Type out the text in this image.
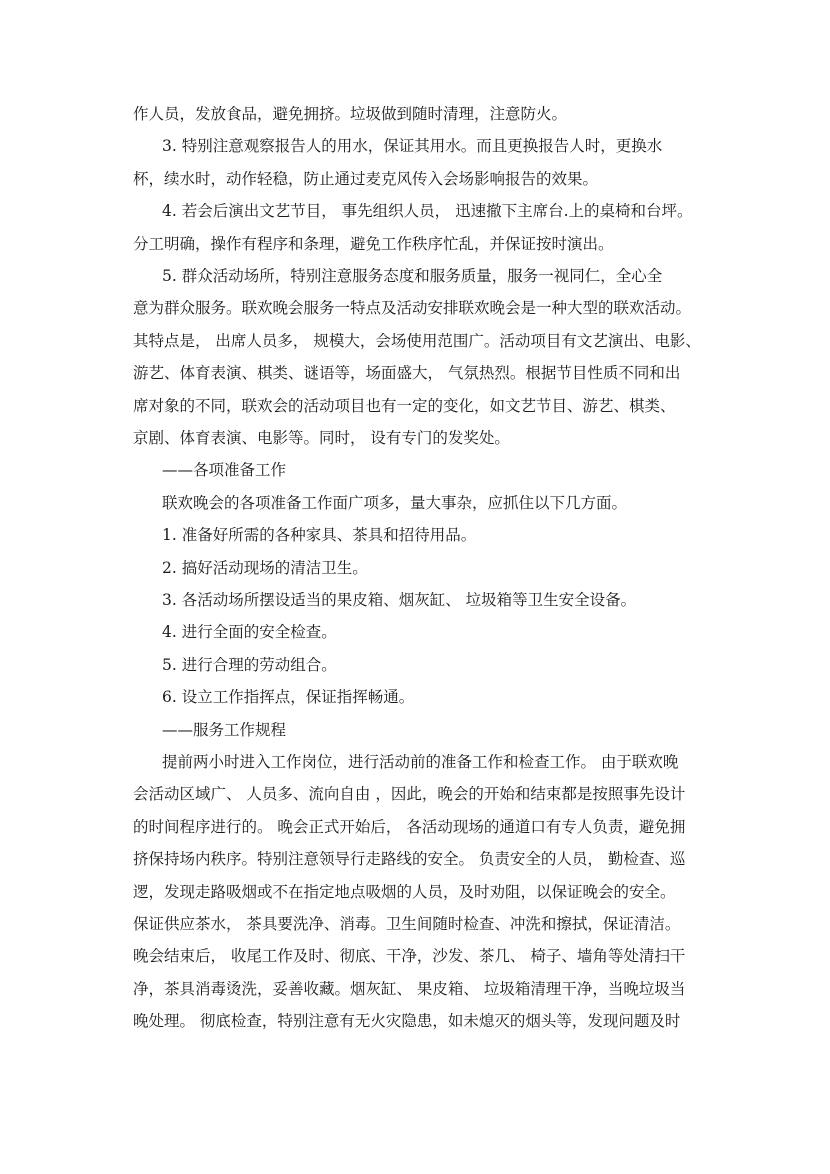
作人员，发放食品，避免拥挤。垃圾做到随时清理，注意防火。
3. 特别注意观察报告人的用水，保证其用水。而且更换报告人时，更换水
杯，续水时，动作轻稳，防止通过麦克风传入会场影响报告的效果。
4. 若会后演出文艺节目， 事先组织人员， 迅速撤下主席台.上的桌椅和台坪。
分工明确，操作有程序和条理，避免工作秩序忙乱，并保证按时演出。
5. 群众活动场所，特别注意服务态度和服务质量，服务一视同仁，全心全
意为群众服务。联欢晚会服务一特点及活动安排联欢晚会是一种大型的联欢活动。
其特点是， 出席人员多， 规模大，会场使用范围广。活动项目有文艺演出、电影、
游艺、体育表演、棋类、谜语等，场面盛大， 气氛热烈。根据节目性质不同和出
席对象的不同，联欢会的活动项目也有一定的变化，如文艺节目、游艺、棋类、
京剧、体育表演、电影等。同时， 设有专门的发奖处。
——各项准备工作
联欢晚会的各项准备工作面广项多，量大事杂，应抓住以下几方面。
1. 准备好所需的各种家具、茶具和招待用品。
2. 搞好活动现场的清洁卫生。
3. 各活动场所摆设适当的果皮箱、烟灰缸、 垃圾箱等卫生安全设备。
4. 进行全面的安全检查。
5. 进行合理的劳动组合。
6. 设立工作指挥点，保证指挥畅通。
——服务工作规程
提前两小时进入工作岗位，进行活动前的准备工作和检查工作。 由于联欢晚
会活动区域广、 人员多、流向自由 ，因此，晚会的开始和结束都是按照事先设计
的时间程序进行的。 晚会正式开始后， 各活动现场的通道口有专人负责，避免拥
挤保持场内秩序。特别注意领导行走路线的安全。 负责安全的人员， 勤检查、巡
逻，发现走路吸烟或不在指定地点吸烟的人员，及时劝阻，以保证晚会的安全。
保证供应茶水， 茶具要洗净、消毒。卫生间随时检查、冲洗和擦拭，保证清洁。
晚会结束后， 收尾工作及时、彻底、干净，沙发、茶几、 椅子、墙角等处清扫干
净，茶具消毒烫洗，妥善收藏。烟灰缸、 果皮箱、 垃圾箱清理干净，当晚垃圾当
晚处理。 彻底检查，特别注意有无火灾隐患，如未熄灭的烟头等，发现问题及时
